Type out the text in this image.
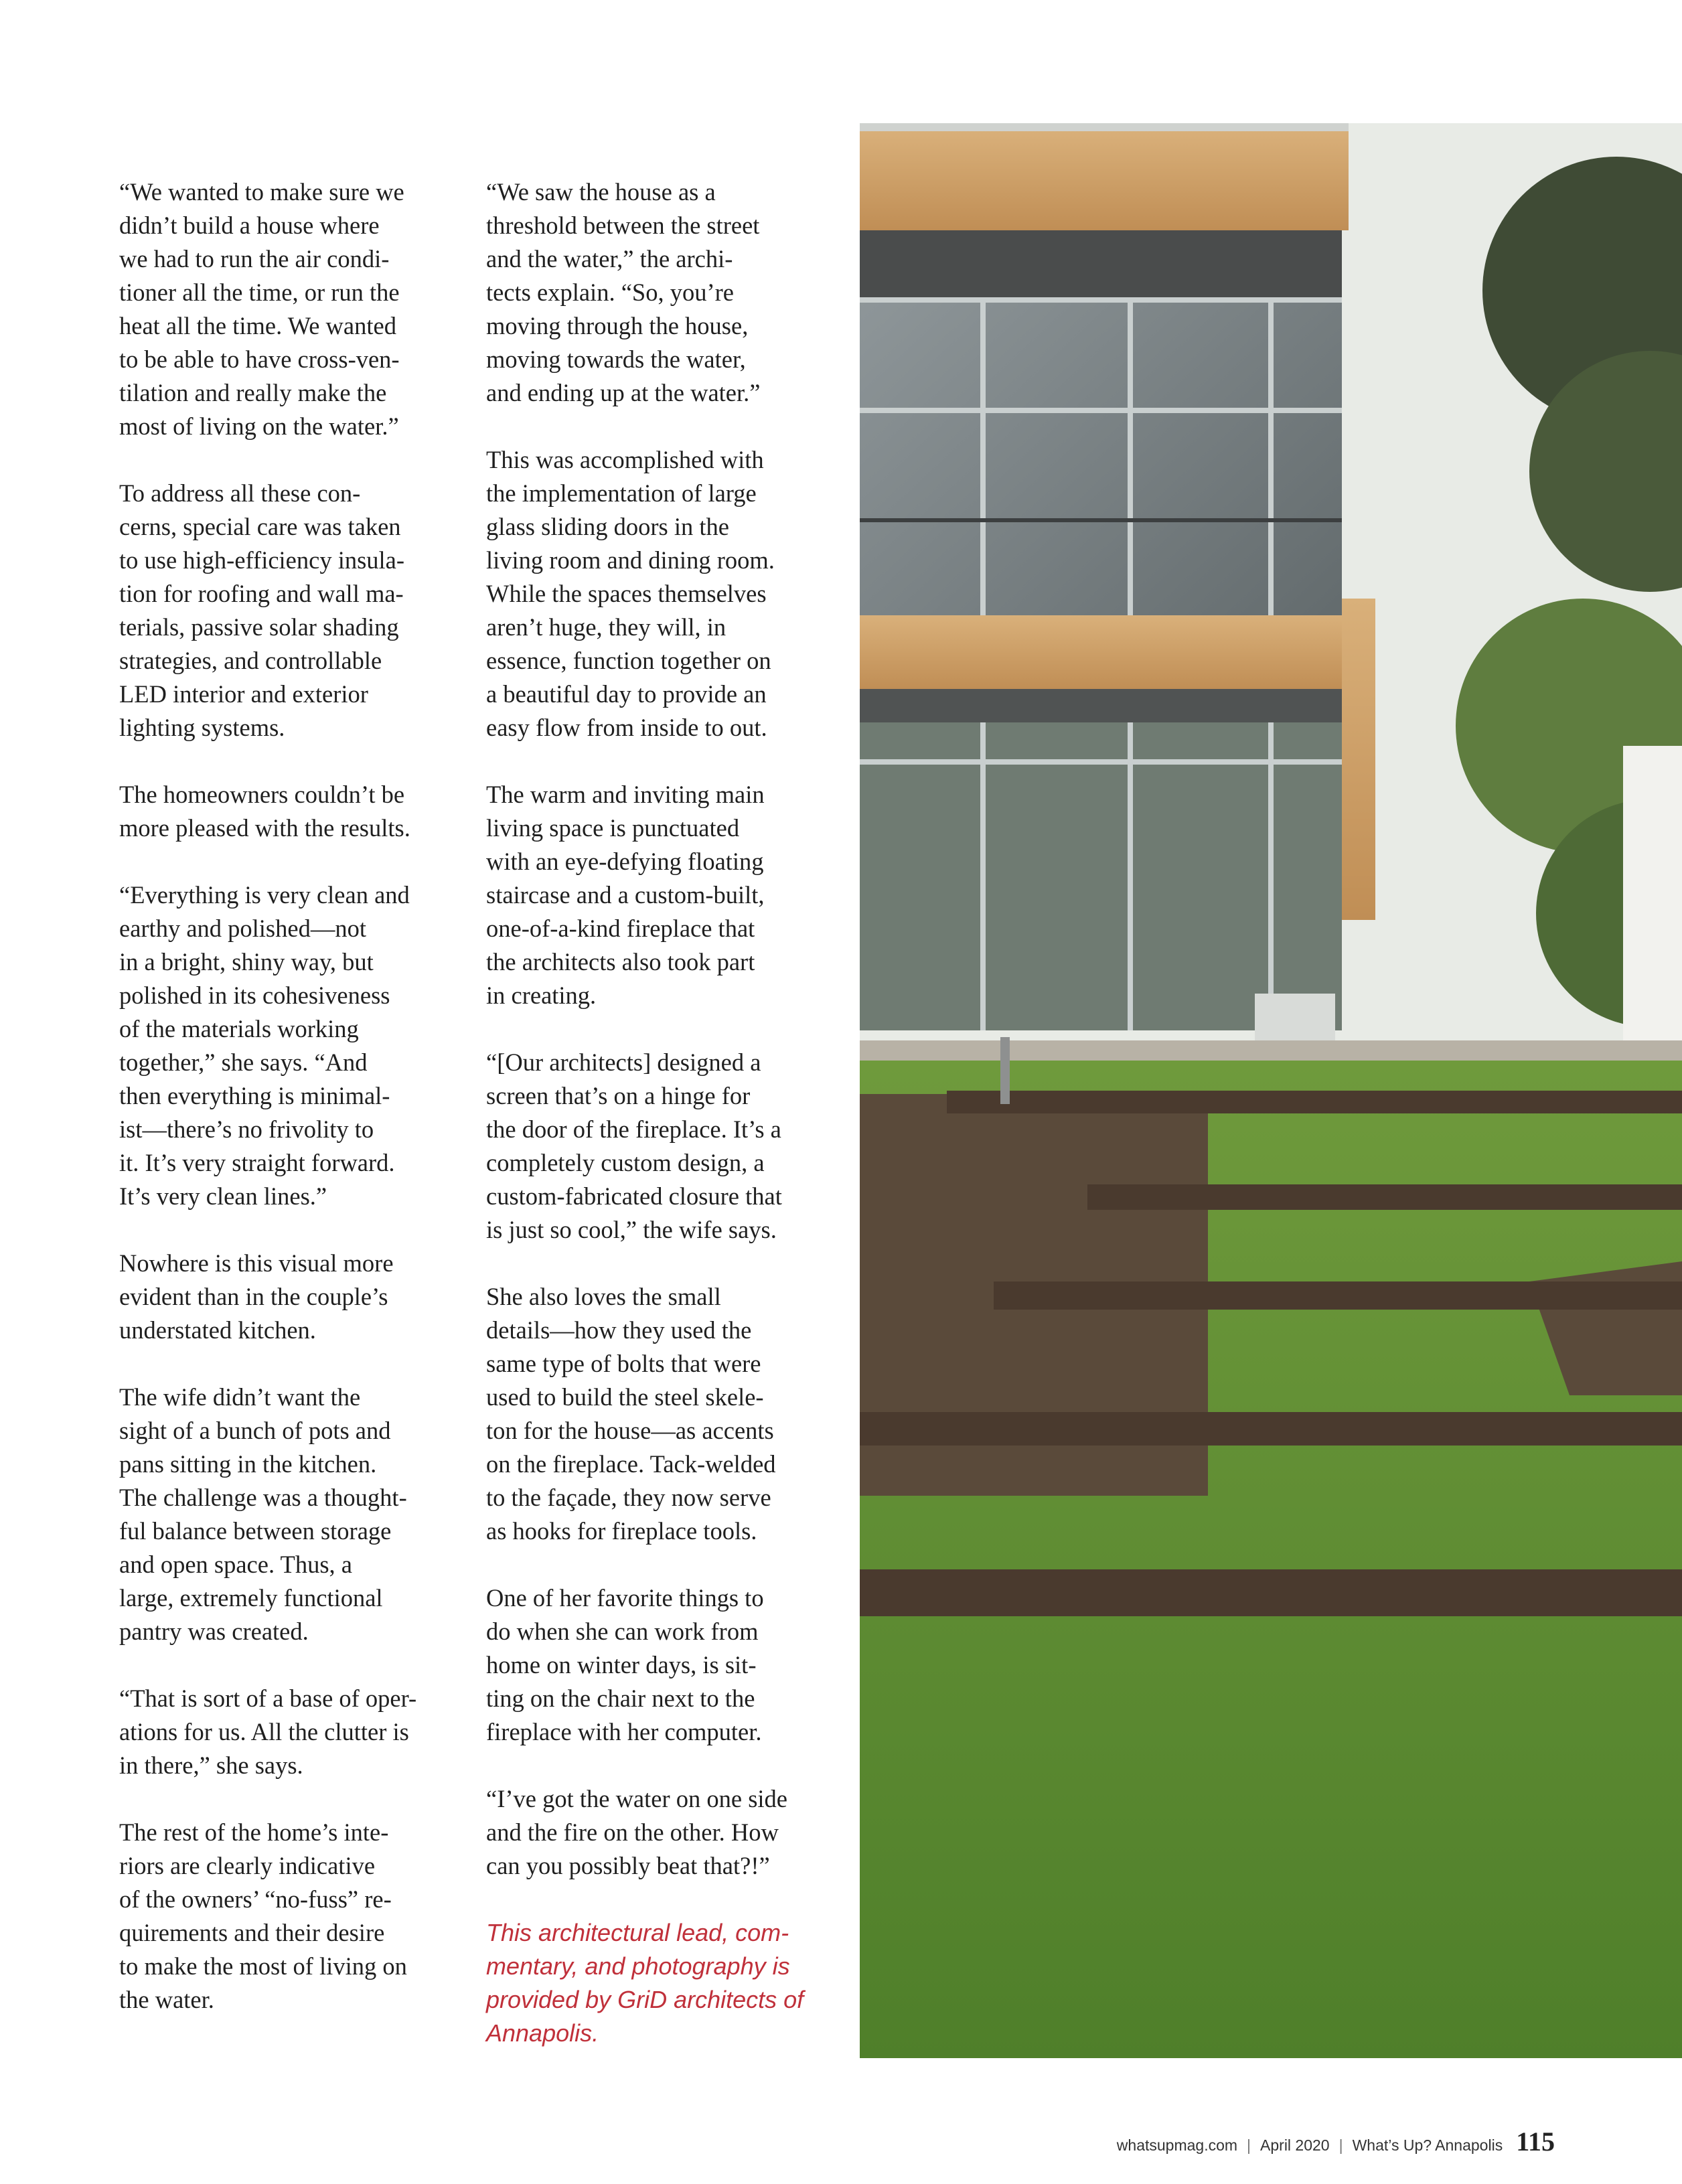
“We wanted to make sure we
didn’t build a house where
we had to run the air condi-
tioner all the time, or run the
heat all the time. We wanted
to be able to have cross-ven-
tilation and really make the
most of living on the water.”

To address all these con-
cerns, special care was taken
to use high-efficiency insula-
tion for roofing and wall ma-
terials, passive solar shading
strategies, and controllable
LED interior and exterior
lighting systems.

The homeowners couldn’t be
more pleased with the results.

“Everything is very clean and
earthy and polished—not
in a bright, shiny way, but
polished in its cohesiveness
of the materials working
together,” she says. “And
then everything is minimal-
ist—there’s no frivolity to
it. It’s very straight forward.
It’s very clean lines.”

Nowhere is this visual more
evident than in the couple’s
understated kitchen.

The wife didn’t want the
sight of a bunch of pots and
pans sitting in the kitchen.
The challenge was a thought-
ful balance between storage
and open space. Thus, a
large, extremely functional
pantry was created.

“That is sort of a base of oper-
ations for us. All the clutter is
in there,” she says.

The rest of the home’s inte-
riors are clearly indicative
of the owners’ “no-fuss” re-
quirements and their desire
to make the most of living on
the water.

“We saw the house as a
threshold between the street
and the water,” the archi-
tects explain. “So, you’re
moving through the house,
moving towards the water,
and ending up at the water.”

This was accomplished with
the implementation of large
glass sliding doors in the
living room and dining room.
While the spaces themselves
aren’t huge, they will, in
essence, function together on
a beautiful day to provide an
easy flow from inside to out.

The warm and inviting main
living space is punctuated
with an eye-defying floating
staircase and a custom-built,
one-of-a-kind fireplace that
the architects also took part
in creating.

“[Our architects] designed a
screen that’s on a hinge for
the door of the fireplace. It’s a
completely custom design, a
custom-fabricated closure that
is just so cool,” the wife says.

She also loves the small
details—how they used the
same type of bolts that were
used to build the steel skele-
ton for the house—as accents
on the fireplace. Tack-welded
to the façade, they now serve
as hooks for fireplace tools.

One of her favorite things to
do when she can work from
home on winter days, is sit-
ting on the chair next to the
fireplace with her computer.

“I’ve got the water on one side
and the fire on the other. How
can you possibly beat that?!”

This architectural lead, com-
mentary, and photography is
provided by GriD architects of
Annapolis.

whatsupmag.com | April 2020 | What’s Up? Annapolis 115
